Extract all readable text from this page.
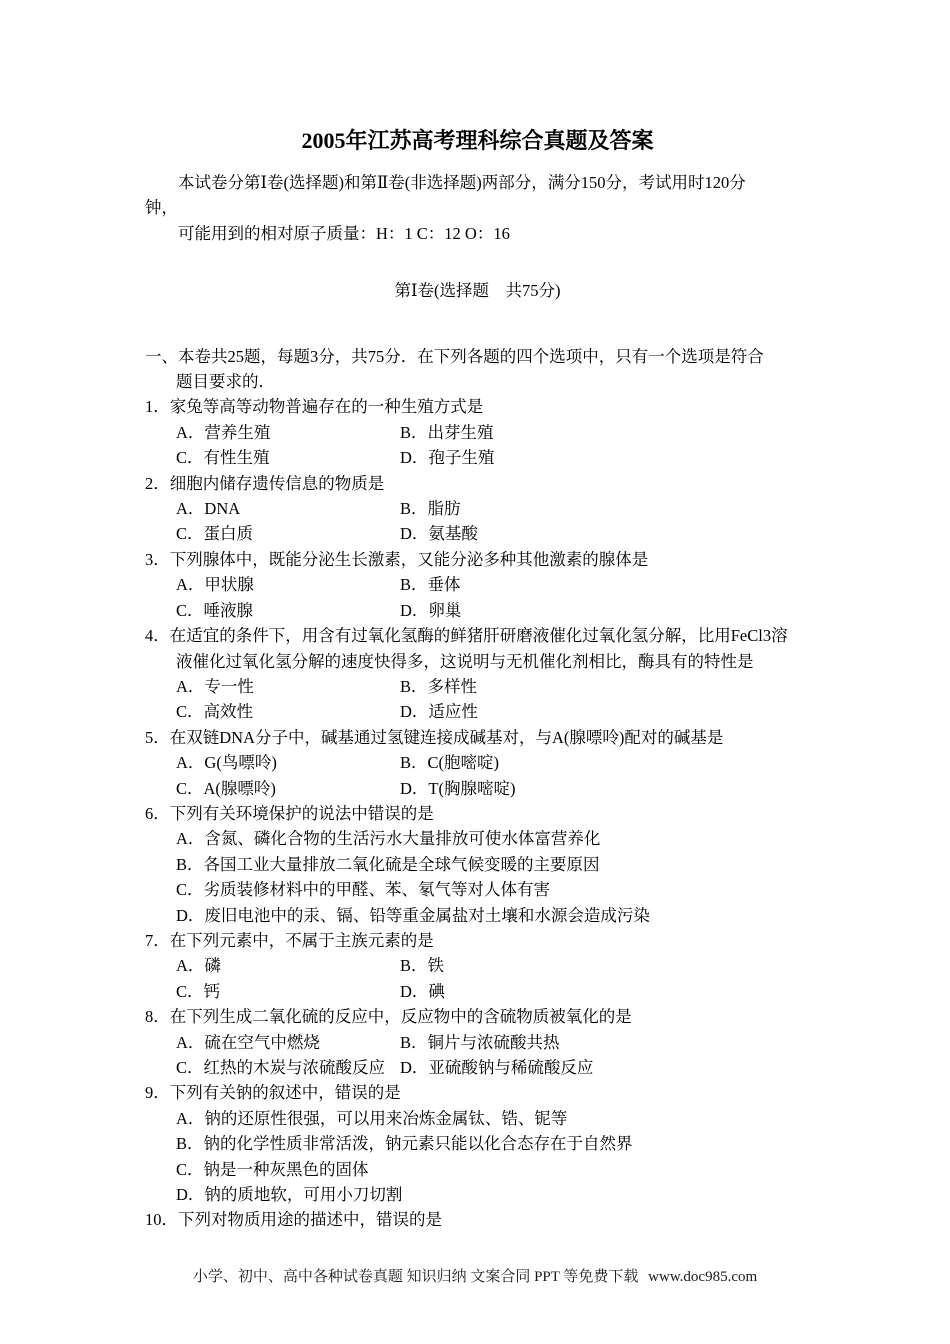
2005年江苏高考理科综合真题及答案
本试卷分第Ⅰ卷(选择题)和第Ⅱ卷(非选择题)两部分，满分150分，考试用时120分
钟，
可能用到的相对原子质量：H：1 C：12 O：16
第Ⅰ卷(选择题　共75分)
一、本卷共25题，每题3分，共75分．在下列各题的四个选项中，只有一个选项是符合
题目要求的．
1．家兔等高等动物普遍存在的一种生殖方式是
A．营养生殖	B．出芽生殖
C．有性生殖	D．孢子生殖
2．细胞内储存遗传信息的物质是
A．DNA	B．脂肪
C．蛋白质	D．氨基酸
3．下列腺体中，既能分泌生长激素，又能分泌多种其他激素的腺体是
A．甲状腺	B．垂体
C．唾液腺	D．卵巢
4．在适宜的条件下，用含有过氧化氢酶的鲜猪肝研磨液催化过氧化氢分解，比用FeCl3溶
液催化过氧化氢分解的速度快得多，这说明与无机催化剂相比，酶具有的特性是
A．专一性	B．多样性
C．高效性	D．适应性
5．在双链DNA分子中，碱基通过氢键连接成碱基对，与A(腺嘌呤)配对的碱基是
A．G(鸟嘌呤)	B．C(胞嘧啶)
C．A(腺嘌呤)	D．T(胸腺嘧啶)
6．下列有关环境保护的说法中错误的是
A．含氮、磷化合物的生活污水大量排放可使水体富营养化
B．各国工业大量排放二氧化硫是全球气候变暖的主要原因
C．劣质装修材料中的甲醛、苯、氡气等对人体有害
D．废旧电池中的汞、镉、铅等重金属盐对土壤和水源会造成污染
7．在下列元素中，不属于主族元素的是
A．磷	B．铁
C．钙	D．碘
8．在下列生成二氧化硫的反应中，反应物中的含硫物质被氧化的是
A．硫在空气中燃烧	B．铜片与浓硫酸共热
C．红热的木炭与浓硫酸反应 D．亚硫酸钠与稀硫酸反应
9．下列有关钠的叙述中，错误的是
A．钠的还原性很强，可以用来冶炼金属钛、锆、铌等
B．钠的化学性质非常活泼，钠元素只能以化合态存在于自然界
C．钠是一种灰黑色的固体
D．钠的质地软，可用小刀切割
10．下列对物质用途的描述中，错误的是
小学、初中、高中各种试卷真题 知识归纳 文案合同 PPT 等免费下载 www.doc985.com
